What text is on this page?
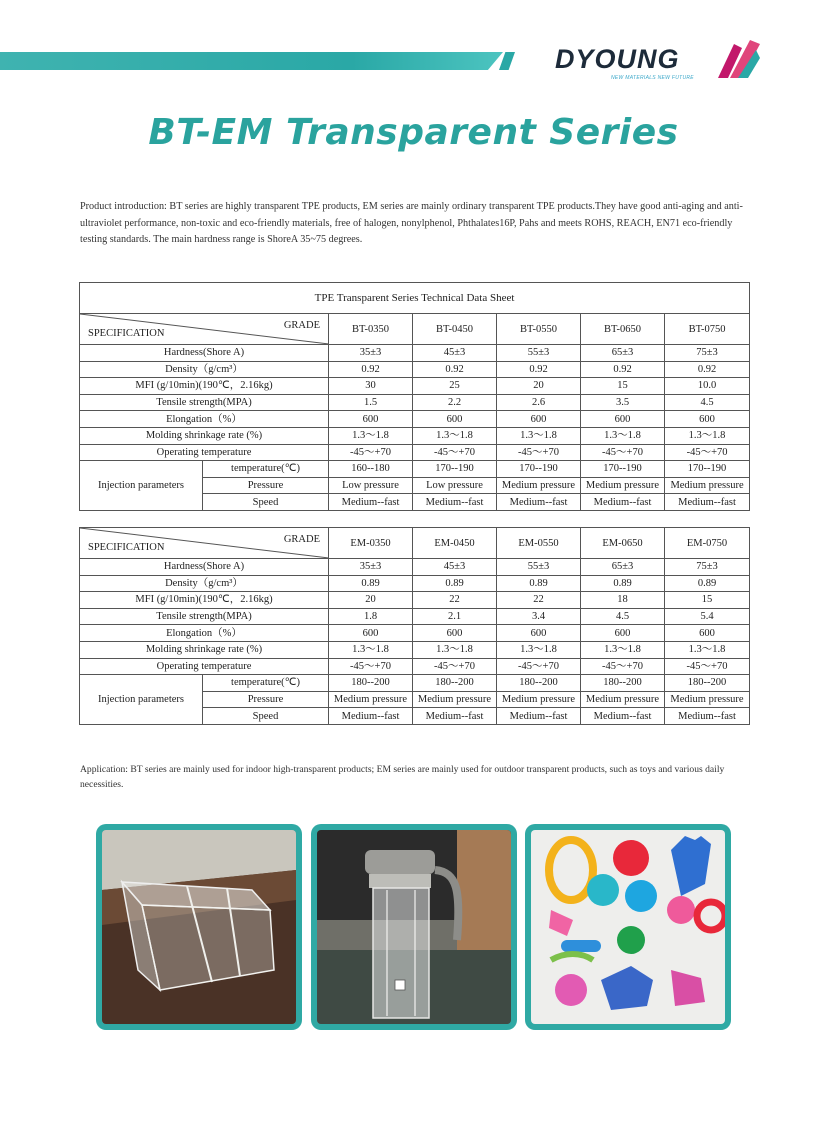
DYOUNG
NEW MATERIALS NEW FUTURE
BT-EM Transparent Series
Product introduction: BT series are highly transparent TPE products, EM series are mainly ordinary transparent TPE products.They have good anti-aging and anti-ultraviolet performance, non-toxic and eco-friendly materials, free of halogen, nonylphenol, Phthalates16P, Pahs and meets ROHS, REACH, EN71 eco-friendly testing standards. The main hardness range is ShoreA 35~75 degrees.
TPE Transparent Series Technical Data Sheet						

GRADE
SPECIFICATION		BT-0350	BT-0450	BT-0550	BT-0650	BT-0750
Hardness(Shore A)		35±3	45±3	55±3	65±3	75±3
Density（g/cm³）		0.92	0.92	0.92	0.92	0.92
MFI (g/10min)(190℃，2.16kg)		30	25	20	15	10.0
Tensile strength(MPA)		1.5	2.2	2.6	3.5	4.5
Elongation（%）		600	600	600	600	600
Molding shrinkage rate (%)		1.3～1.8	1.3～1.8	1.3～1.8	1.3～1.8	1.3～1.8
Operating temperature		-45～+70	-45～+70	-45～+70	-45～+70	-45～+70
Injection parameters	temperature(℃)	160--180	170--190	170--190	170--190	170--190
	Pressure	Low pressure	Low pressure	Medium pressure	Medium pressure	Medium pressure
	Speed	Medium--fast	Medium--fast	Medium--fast	Medium--fast	Medium--fast
GRADE
SPECIFICATION		EM-0350	EM-0450	EM-0550	EM-0650	EM-0750
Hardness(Shore A)		35±3	45±3	55±3	65±3	75±3
Density（g/cm³）		0.89	0.89	0.89	0.89	0.89
MFI (g/10min)(190℃，2.16kg)		20	22	22	18	15
Tensile strength(MPA)		1.8	2.1	3.4	4.5	5.4
Elongation（%）		600	600	600	600	600
Molding shrinkage rate (%)		1.3～1.8	1.3～1.8	1.3～1.8	1.3～1.8	1.3～1.8
Operating temperature		-45～+70	-45～+70	-45～+70	-45～+70	-45～+70
Injection parameters	temperature(℃)	180--200	180--200	180--200	180--200	180--200
	Pressure	Medium pressure	Medium pressure	Medium pressure	Medium pressure	Medium pressure
	Speed	Medium--fast	Medium--fast	Medium--fast	Medium--fast	Medium--fast
Application: BT series are mainly used for indoor high-transparent products; EM series are mainly used for outdoor transparent products, such as toys and various daily necessities.
